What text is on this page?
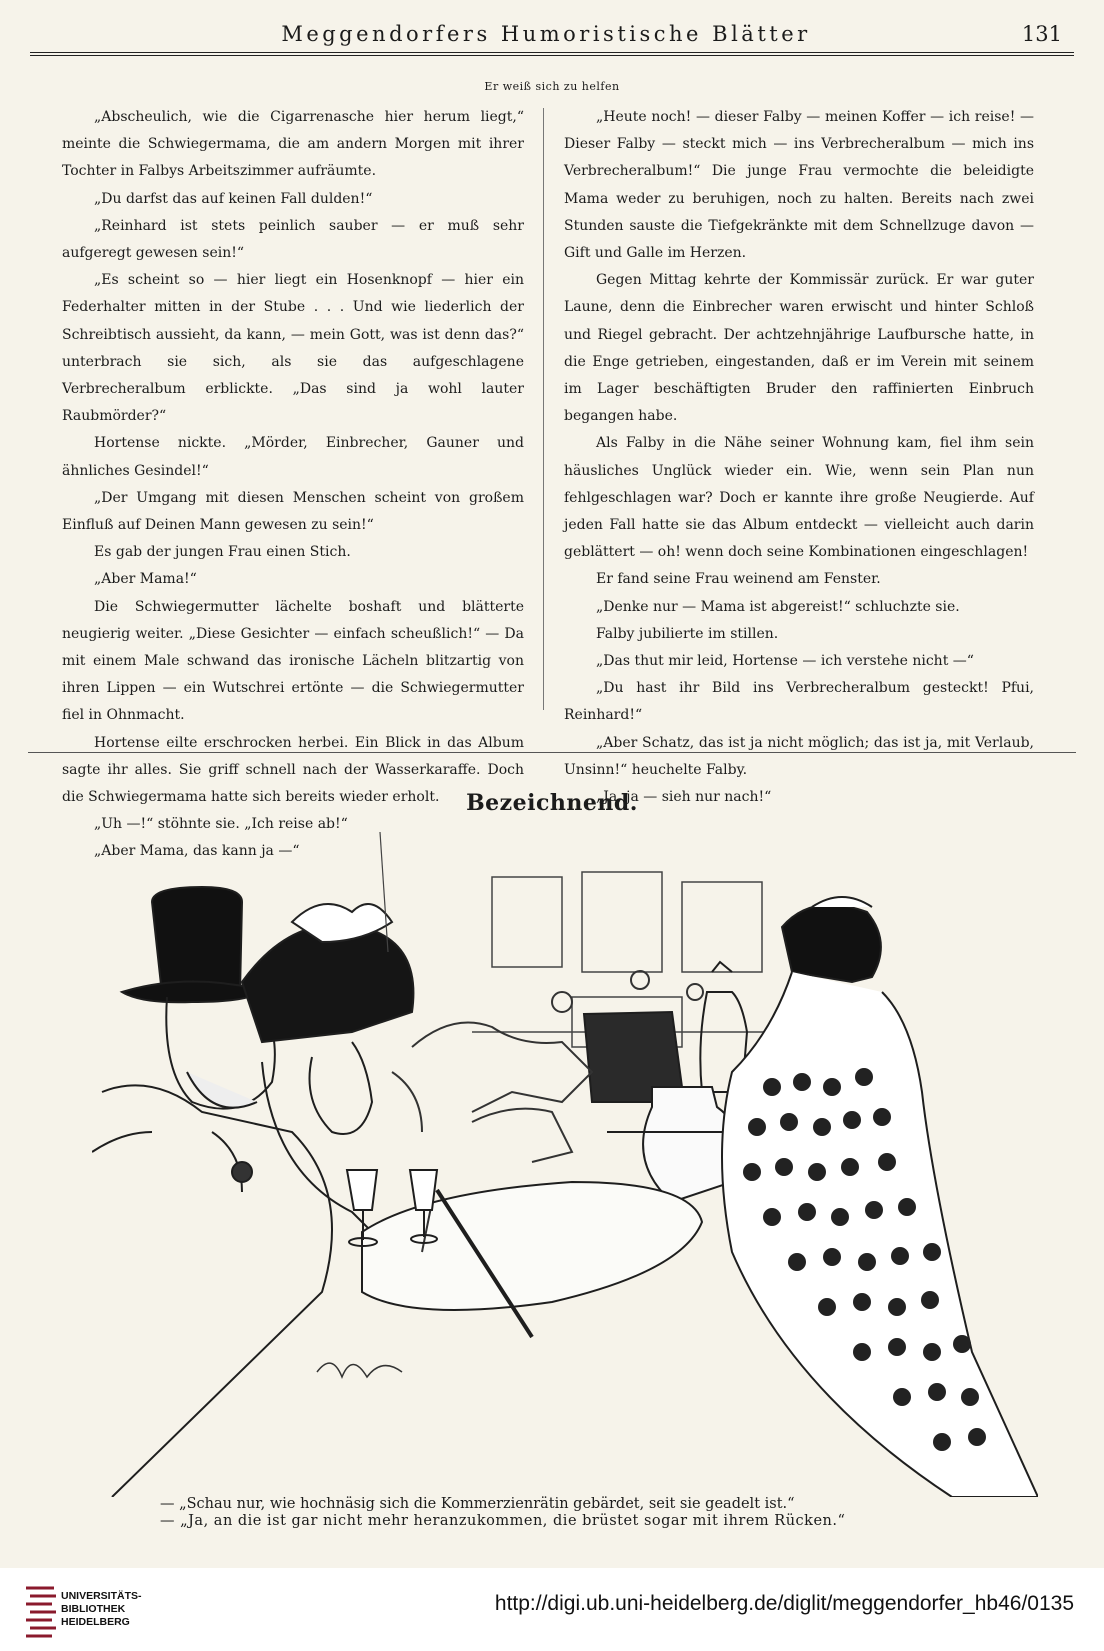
Meggendorfers Humoristische Blätter	131
Er weiß sich zu helfen

„Abscheulich, wie die Cigarrenasche hier herum liegt,“ meinte die Schwiegermama, die am andern Morgen mit ihrer Tochter in Falbys Arbeitszimmer aufräumte.

„Du darfst das auf keinen Fall dulden!“

„Reinhard ist stets peinlich sauber — er muß sehr aufgeregt gewesen sein!“

„Es scheint so — hier liegt ein Hosenknopf — hier ein Federhalter mitten in der Stube . . . Und wie liederlich der Schreibtisch aussieht, da kann, — mein Gott, was ist denn das?“ unterbrach sie sich, als sie das aufgeschlagene Verbrecheralbum erblickte. „Das sind ja wohl lauter Raubmörder?“

Hortense nickte. „Mörder, Einbrecher, Gauner und ähnliches Gesindel!“

„Der Umgang mit diesen Menschen scheint von großem Einfluß auf Deinen Mann gewesen zu sein!“

Es gab der jungen Frau einen Stich.

„Aber Mama!“

Die Schwiegermutter lächelte boshaft und blätterte neugierig weiter. „Diese Gesichter — einfach scheußlich!“ — Da mit einem Male schwand das ironische Lächeln blitzartig von ihren Lippen — ein Wutschrei ertönte — die Schwiegermutter fiel in Ohnmacht.

Hortense eilte erschrocken herbei. Ein Blick in das Album sagte ihr alles. Sie griff schnell nach der Wasserkaraffe. Doch die Schwiegermama hatte sich bereits wieder erholt.

„Uh —!“ stöhnte sie. „Ich reise ab!“

„Aber Mama, das kann ja —“

„Heute noch! — dieser Falby — meinen Koffer — ich reise! — Dieser Falby — steckt mich — ins Verbrecheralbum — mich ins Verbrecheralbum!“ Die junge Frau vermochte die beleidigte Mama weder zu beruhigen, noch zu halten. Bereits nach zwei Stunden sauste die Tiefgekränkte mit dem Schnellzuge davon — Gift und Galle im Herzen.

Gegen Mittag kehrte der Kommissär zurück. Er war guter Laune, denn die Einbrecher waren erwischt und hinter Schloß und Riegel gebracht. Der achtzehnjährige Laufbursche hatte, in die Enge getrieben, eingestanden, daß er im Verein mit seinem im Lager beschäftigten Bruder den raffinierten Einbruch begangen habe.

Als Falby in die Nähe seiner Wohnung kam, fiel ihm sein häusliches Unglück wieder ein. Wie, wenn sein Plan nun fehlgeschlagen war? Doch er kannte ihre große Neugierde. Auf jeden Fall hatte sie das Album entdeckt — vielleicht auch darin geblättert — oh! wenn doch seine Kombinationen eingeschlagen!

Er fand seine Frau weinend am Fenster.

„Denke nur — Mama ist abgereist!“ schluchzte sie.

Falby jubilierte im stillen.

„Das thut mir leid, Hortense — ich verstehe nicht —“

„Du hast ihr Bild ins Verbrecheralbum gesteckt! Pfui, Reinhard!“

„Aber Schatz, das ist ja nicht möglich; das ist ja, mit Verlaub, Unsinn!“ heuchelte Falby.

„Ja, ja — sieh nur nach!“

Bezeichnend.
— „Schau nur, wie hochnäsig sich die Kommerzienrätin gebärdet, seit sie geadelt ist.“
— „Ja, an die ist gar nicht mehr heranzukommen, die brüstet sogar mit ihrem Rücken.“
UNIVERSITÄTS-
BIBLIOTHEK
HEIDELBERG
http://digi.ub.uni-heidelberg.de/diglit/meggendorfer_hb46/0135
